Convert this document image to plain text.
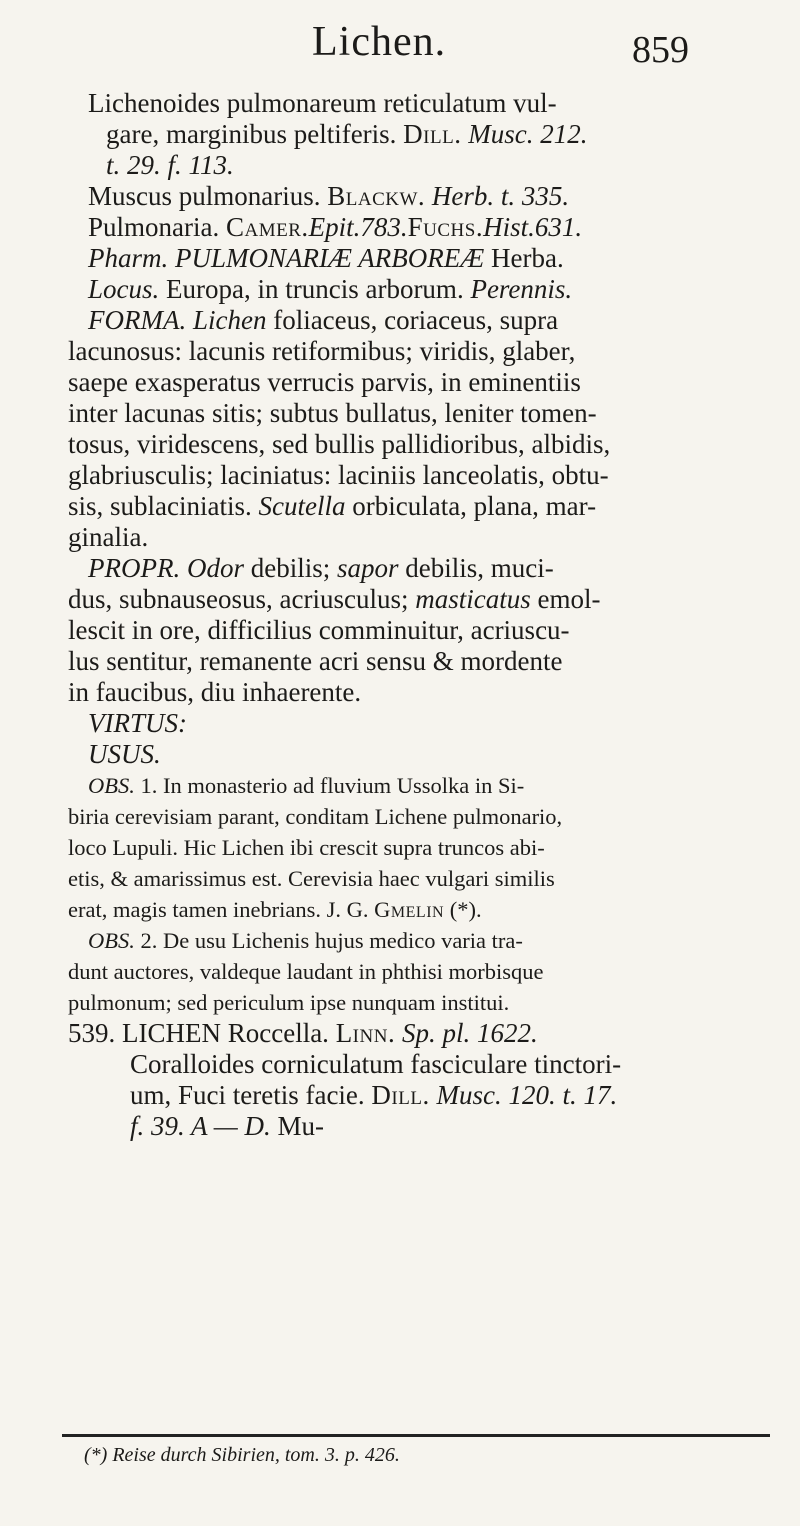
Lichen.	859
Lichenoides pulmonareum reticulatum vul-
gare, marginibus peltiferis. Dill. Musc. 212.
t. 29. f. 113.
Muscus pulmonarius. Blackw. Herb. t. 335.
Pulmonaria. Camer.Epit.783.Fuchs.Hist.631.
Pharm. PULMONARIÆ ARBOREÆ Herba.
Locus. Europa, in truncis arborum. Perennis.
FORMA. Lichen foliaceus, coriaceus, supra
lacunosus: lacunis retiformibus; viridis, glaber,
saepe exasperatus verrucis parvis, in eminentiis
inter lacunas sitis; subtus bullatus, leniter tomen-
tosus, viridescens, sed bullis pallidioribus, albidis,
glabriusculis; laciniatus: laciniis lanceolatis, obtu-
sis, sublaciniatis. Scutella orbiculata, plana, mar-
ginalia.
PROPR. Odor debilis; sapor debilis, muci-
dus, subnauseosus, acriusculus; masticatus emol-
lescit in ore, difficilius comminuitur, acriuscu-
lus sentitur, remanente acri sensu & mordente
in faucibus, diu inhaerente.
VIRTUS:
USUS.
OBS. 1. In monasterio ad fluvium Ussolka in Si-
biria cerevisiam parant, conditam Lichene pulmonario,
loco Lupuli. Hic Lichen ibi crescit supra truncos abi-
etis, & amarissimus est. Cerevisia haec vulgari similis
erat, magis tamen inebrians. J. G. Gmelin (*).
OBS. 2. De usu Lichenis hujus medico varia tra-
dunt auctores, valdeque laudant in phthisi morbisque
pulmonum; sed periculum ipse nunquam institui.
539. LICHEN Roccella. Linn. Sp. pl. 1622.
Coralloides corniculatum fasciculare tinctori-
um, Fuci teretis facie. Dill. Musc. 120. t. 17.
f. 39. A — D. Mu-
(*) Reise durch Sibirien, tom. 3. p. 426.
